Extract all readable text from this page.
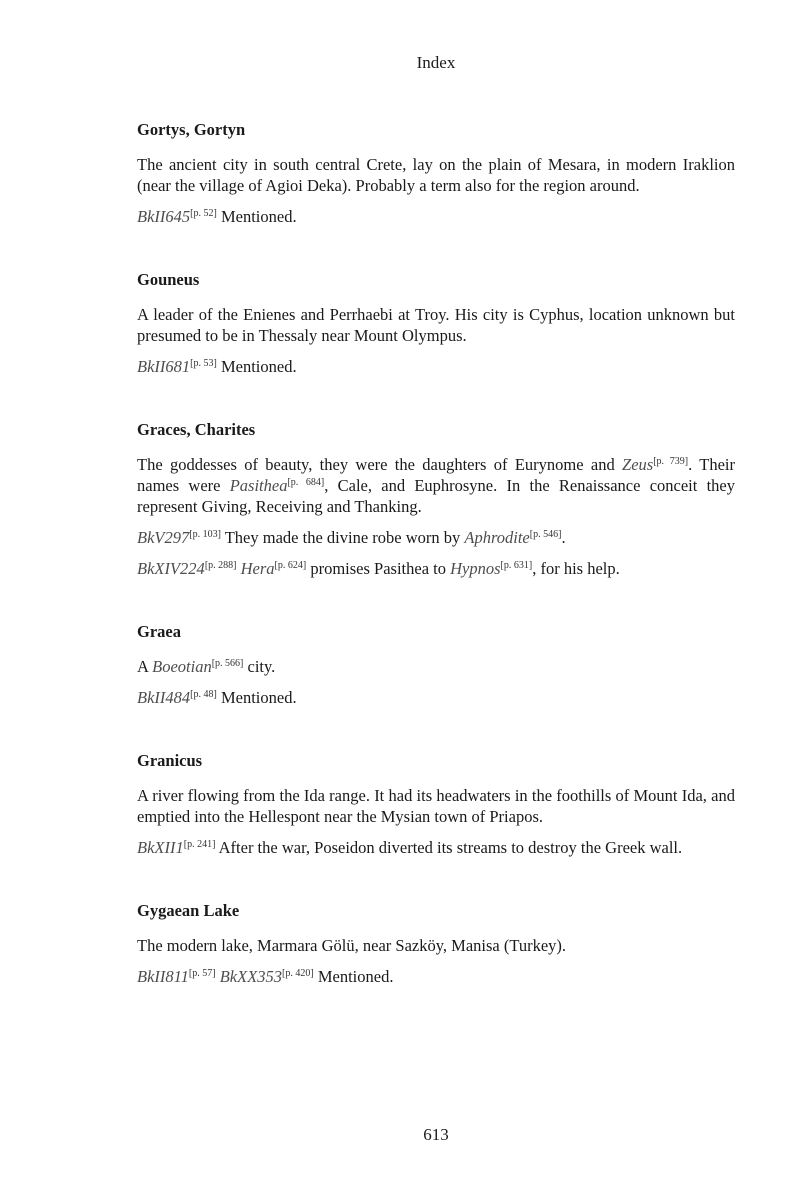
Index
Gortys, Gortyn

The ancient city in south central Crete, lay on the plain of Mesara, in modern Iraklion (near the village of Agioi Deka). Probably a term also for the region around.

BkII645[p. 52] Mentioned.

Gouneus

A leader of the Enienes and Perrhaebi at Troy. His city is Cyphus, location unknown but presumed to be in Thessaly near Mount Olympus.

BkII681[p. 53] Mentioned.

Graces, Charites

The goddesses of beauty, they were the daughters of Eurynome and Zeus[p. 739]. Their names were Pasithea[p. 684], Cale, and Euphrosyne. In the Renaissance conceit they represent Giving, Receiving and Thanking.

BkV297[p. 103] They made the divine robe worn by Aphrodite[p. 546].

BkXIV224[p. 288] Hera[p. 624] promises Pasithea to Hypnos[p. 631], for his help.

Graea

A Boeotian[p. 566] city.

BkII484[p. 48] Mentioned.

Granicus

A river flowing from the Ida range. It had its headwaters in the foothills of Mount Ida, and emptied into the Hellespont near the Mysian town of Priapos.

BkXII1[p. 241] After the war, Poseidon diverted its streams to destroy the Greek wall.

Gygaean Lake

The modern lake, Marmara Gölü, near Sazköy, Manisa (Turkey).

BkII811[p. 57] BkXX353[p. 420] Mentioned.

613
